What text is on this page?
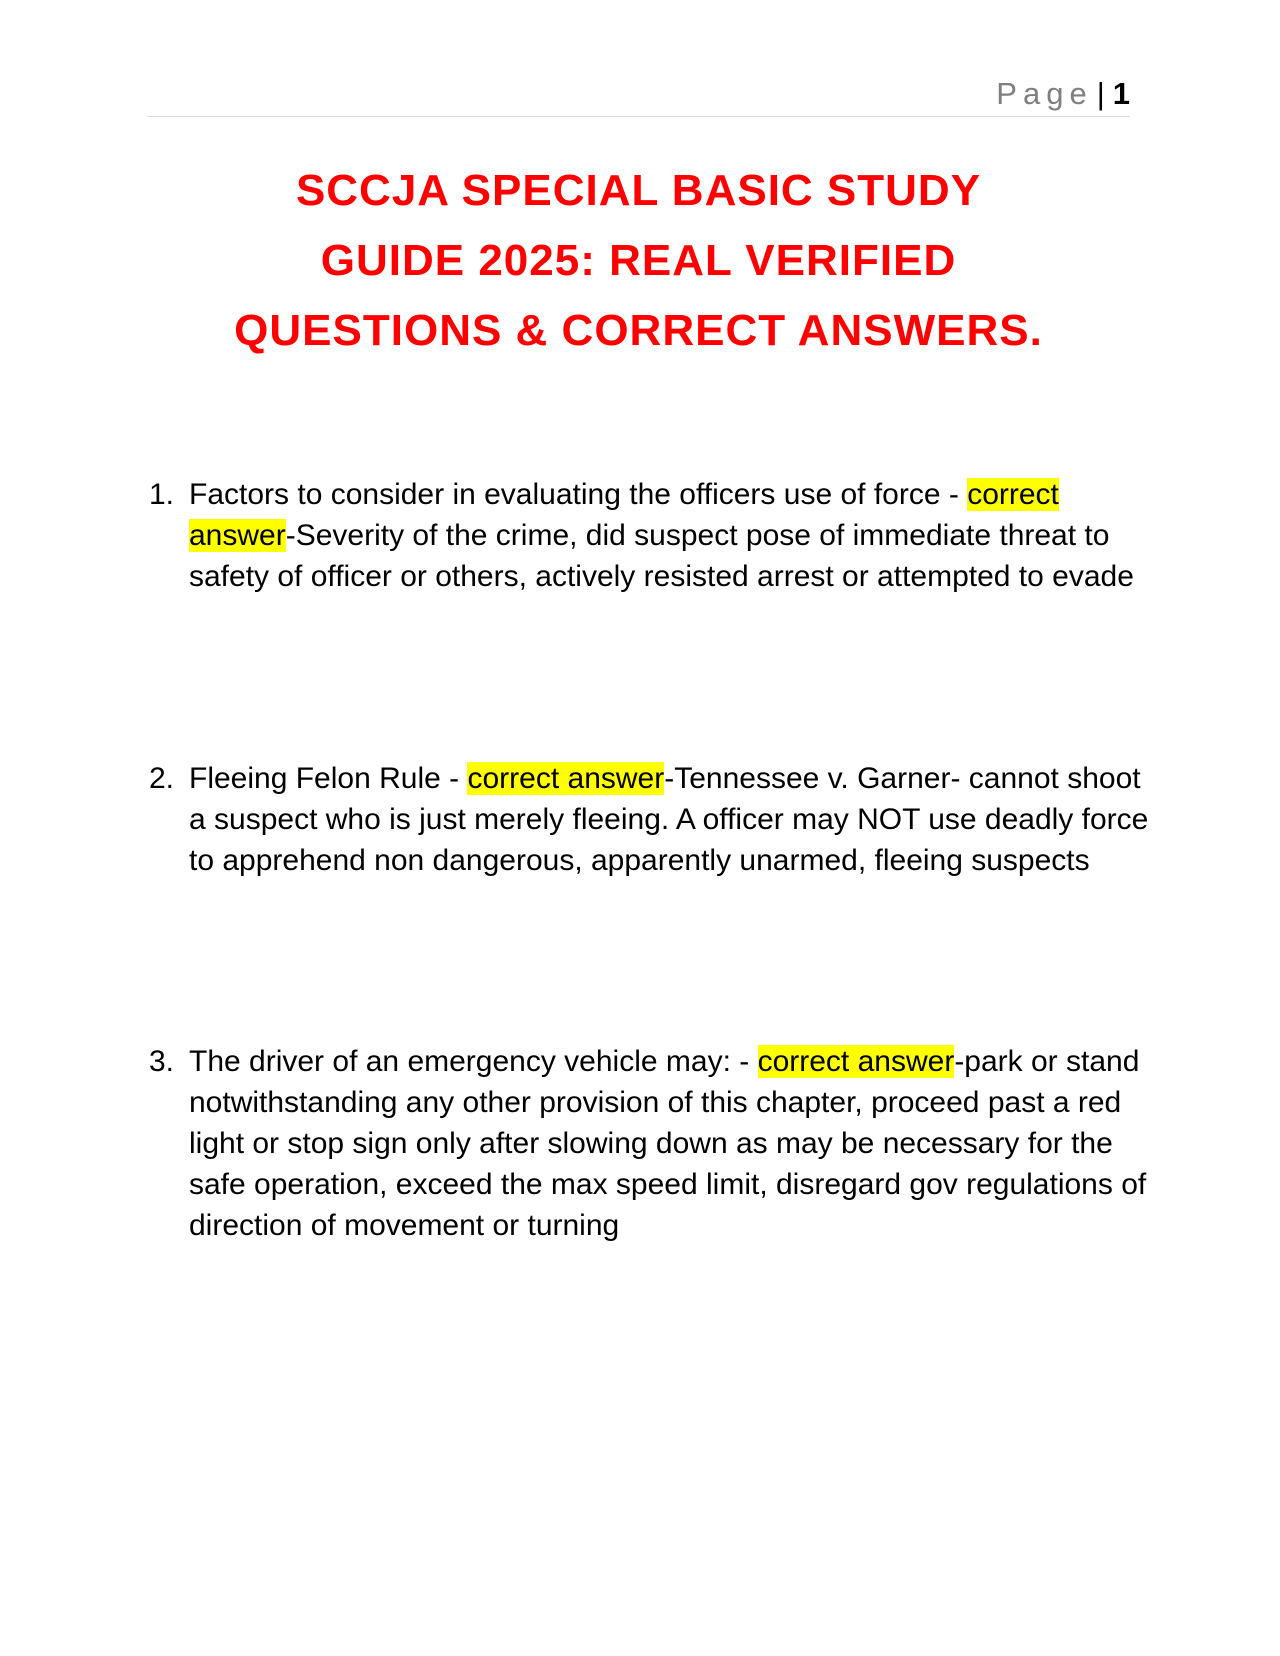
Page | 1
SCCJA SPECIAL BASIC STUDY
GUIDE 2025: REAL VERIFIED
QUESTIONS & CORRECT ANSWERS.
1. Factors to consider in evaluating the officers use of force - correct answer-Severity of the crime, did suspect pose of immediate threat to safety of officer or others, actively resisted arrest or attempted to evade
2. Fleeing Felon Rule - correct answer-Tennessee v. Garner- cannot shoot a suspect who is just merely fleeing. A officer may NOT use deadly force to apprehend non dangerous, apparently unarmed, fleeing suspects
3. The driver of an emergency vehicle may: - correct answer-park or stand notwithstanding any other provision of this chapter, proceed past a red light or stop sign only after slowing down as may be necessary for the safe operation, exceed the max speed limit, disregard gov regulations of direction of movement or turning
